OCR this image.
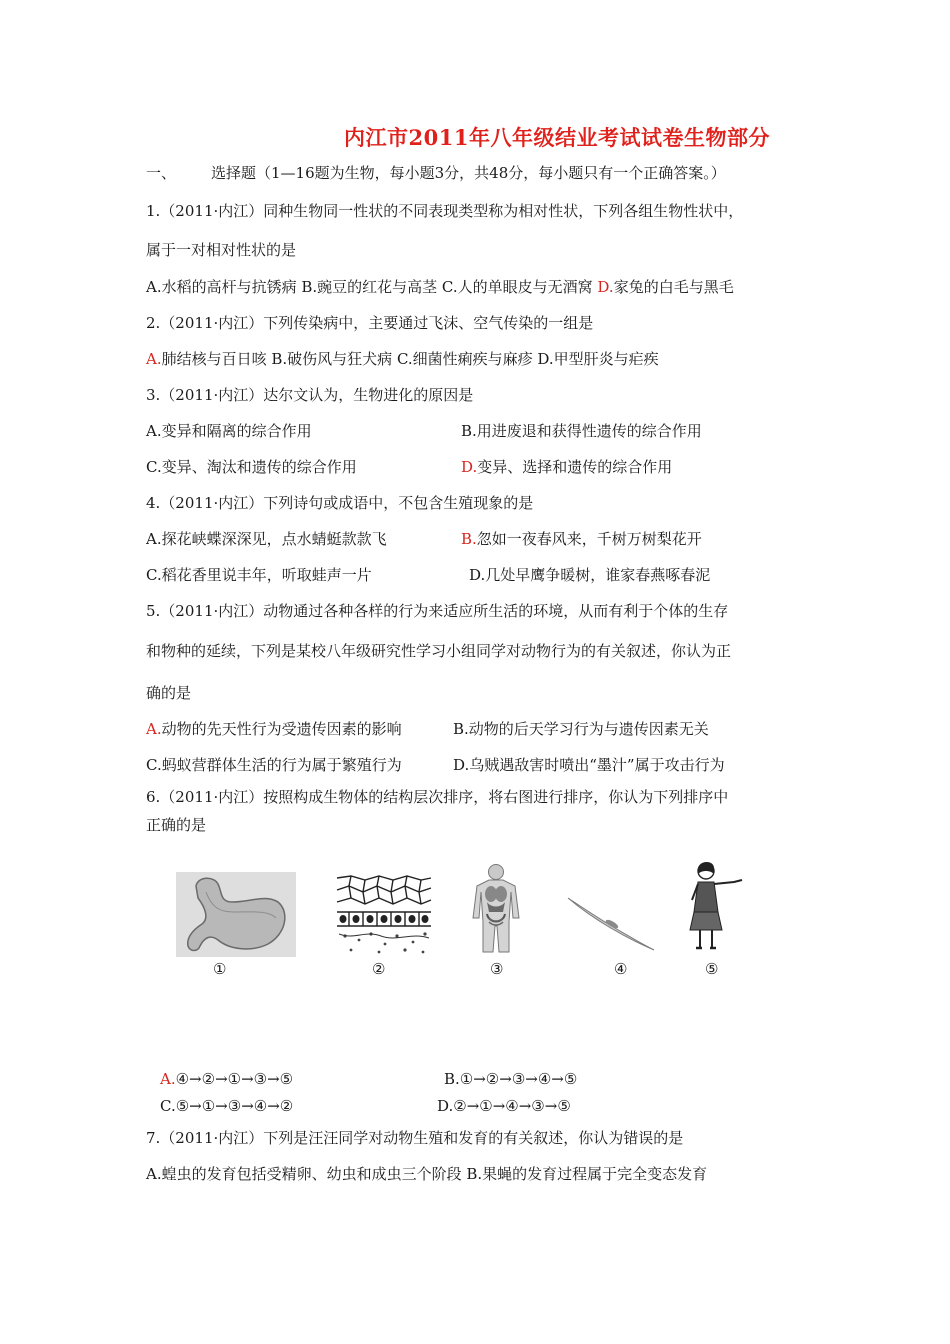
内江市2011年八年级结业考试试卷生物部分
一、 选择题（1—16题为生物，每小题3分，共48分，每小题只有一个正确答案。）
1.（2011·内江）同种生物同一性状的不同表现类型称为相对性状，下列各组生物性状中，
属于一对相对性状的是
A.水稻的高杆与抗锈病 B.豌豆的红花与高茎 C.人的单眼皮与无酒窝 D.家兔的白毛与黑毛
2.（2011·内江）下列传染病中，主要通过飞沫、空气传染的一组是
A.肺结核与百日咳 B.破伤风与狂犬病 C.细菌性痢疾与麻疹 D.甲型肝炎与疟疾
3.（2011·内江）达尔文认为，生物进化的原因是
A.变异和隔离的综合作用	B.用进废退和获得性遗传的综合作用
C.变异、淘汰和遗传的综合作用	D.变异、选择和遗传的综合作用
4.（2011·内江）下列诗句或成语中，不包含生殖现象的是
A.探花峡蝶深深见，点水蜻蜓款款飞	B.忽如一夜春风来，千树万树梨花开
C.稻花香里说丰年，听取蛙声一片	D.几处早鹰争暖树，谁家春燕啄春泥
5.（2011·内江）动物通过各种各样的行为来适应所生活的环境，从而有利于个体的生存
和物种的延续，下列是某校八年级研究性学习小组同学对动物行为的有关叙述，你认为正
确的是
A.动物的先天性行为受遗传因素的影响	B.动物的后天学习行为与遗传因素无关
C.蚂蚁营群体生活的行为属于繁殖行为	D.乌贼遇敌害时喷出“墨汁”属于攻击行为
6.（2011·内江）按照构成生物体的结构层次排序，将右图进行排序，你认为下列排序中
正确的是
①	②	③	④	⑤
A.④→②→①→③→⑤	B.①→②→③→④→⑤
C.⑤→①→③→④→②	D.②→①→④→③→⑤
7.（2011·内江）下列是汪汪同学对动物生殖和发育的有关叙述，你认为错误的是
A.蝗虫的发育包括受精卵、幼虫和成虫三个阶段 B.果蝇的发育过程属于完全变态发育
